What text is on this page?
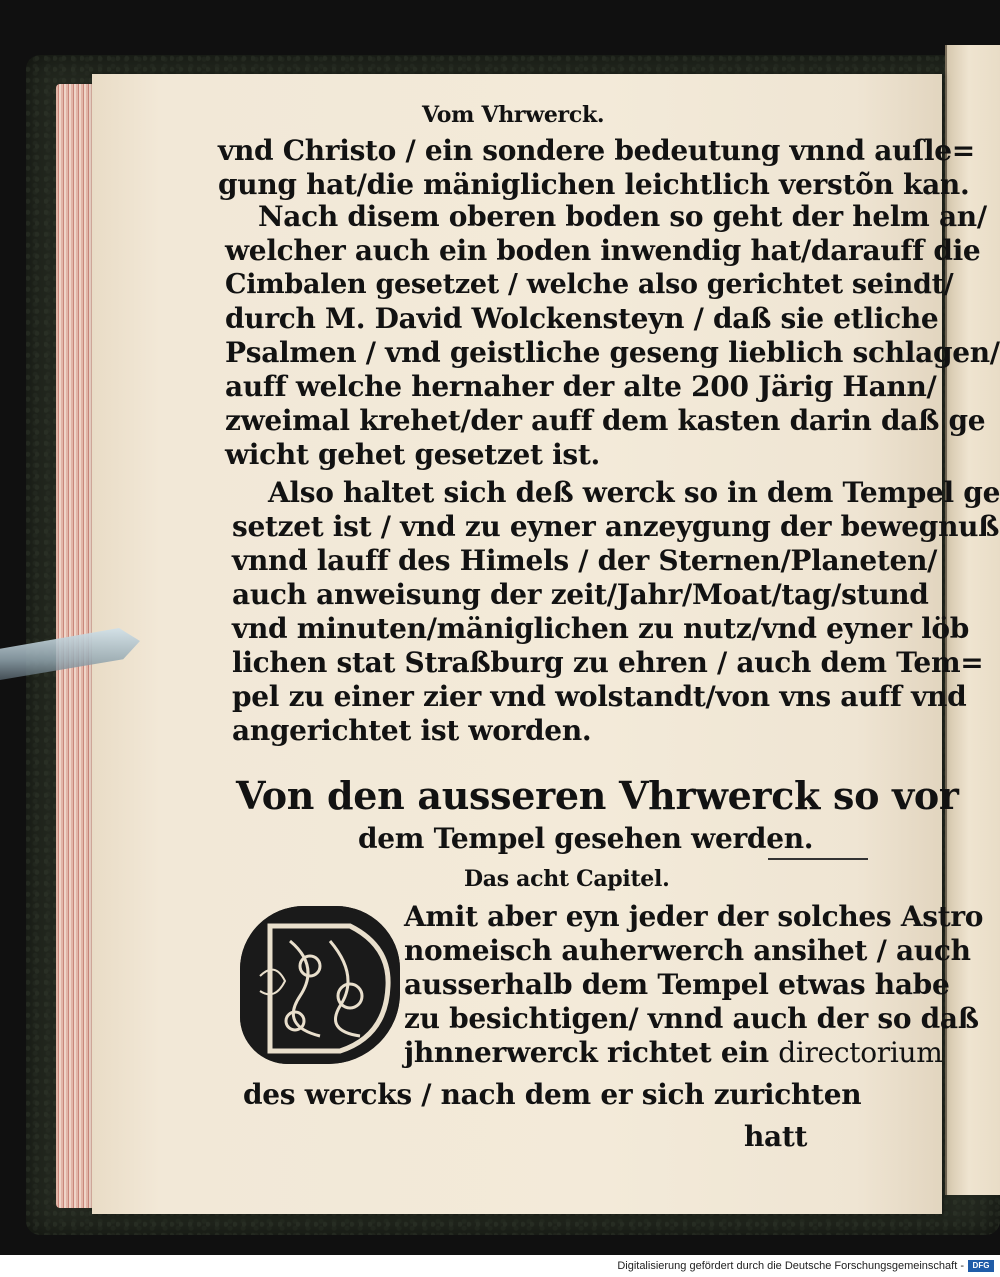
Vom Vhrwerck.
vnd Christo / ein sondere bedeutung vnnd auſle=
gung hat/die mäniglichen leichtlich verstõn kan.
Nach disem oberen boden so geht der helm an/
welcher auch ein boden inwendig hat/darauff die
Cimbalen gesetzet / welche also gerichtet seindt/
durch M. David Wolckensteyn / daß sie etliche
Psalmen / vnd geistliche geseng lieblich schlagen/
auff welche hernaher der alte 200 Järig Hann/
zweimal krehet/der auff dem kasten darin daß ge
wicht gehet gesetzet ist.
Also haltet sich deß werck so in dem Tempel ge
setzet ist / vnd zu eyner anzeygung der bewegnuß
vnnd lauff des Himels / der Sternen/Planeten/
auch anweisung der zeit/Jahr/Moat/tag/stund
vnd minuten/mäniglichen zu nutz/vnd eyner löb
lichen stat Straßburg zu ehren / auch dem Tem=
pel zu einer zier vnd wolstandt/von vns auff vnd
angerichtet ist worden.
Von den ausseren Vhrwerck so vor
dem Tempel gesehen werden.
Das acht Capitel.
Amit aber eyn jeder der solches Astro
nomeisch auherwerch ansihet / auch
ausserhalb dem Tempel etwas habe
zu besichtigen/ vnnd auch der so daß
jhnnerwerck richtet ein directorium
des wercks / nach dem er sich zurichten
hatt
Digitalisierung gefördert durch die Deutsche Forschungsgemeinschaft -	DFG
